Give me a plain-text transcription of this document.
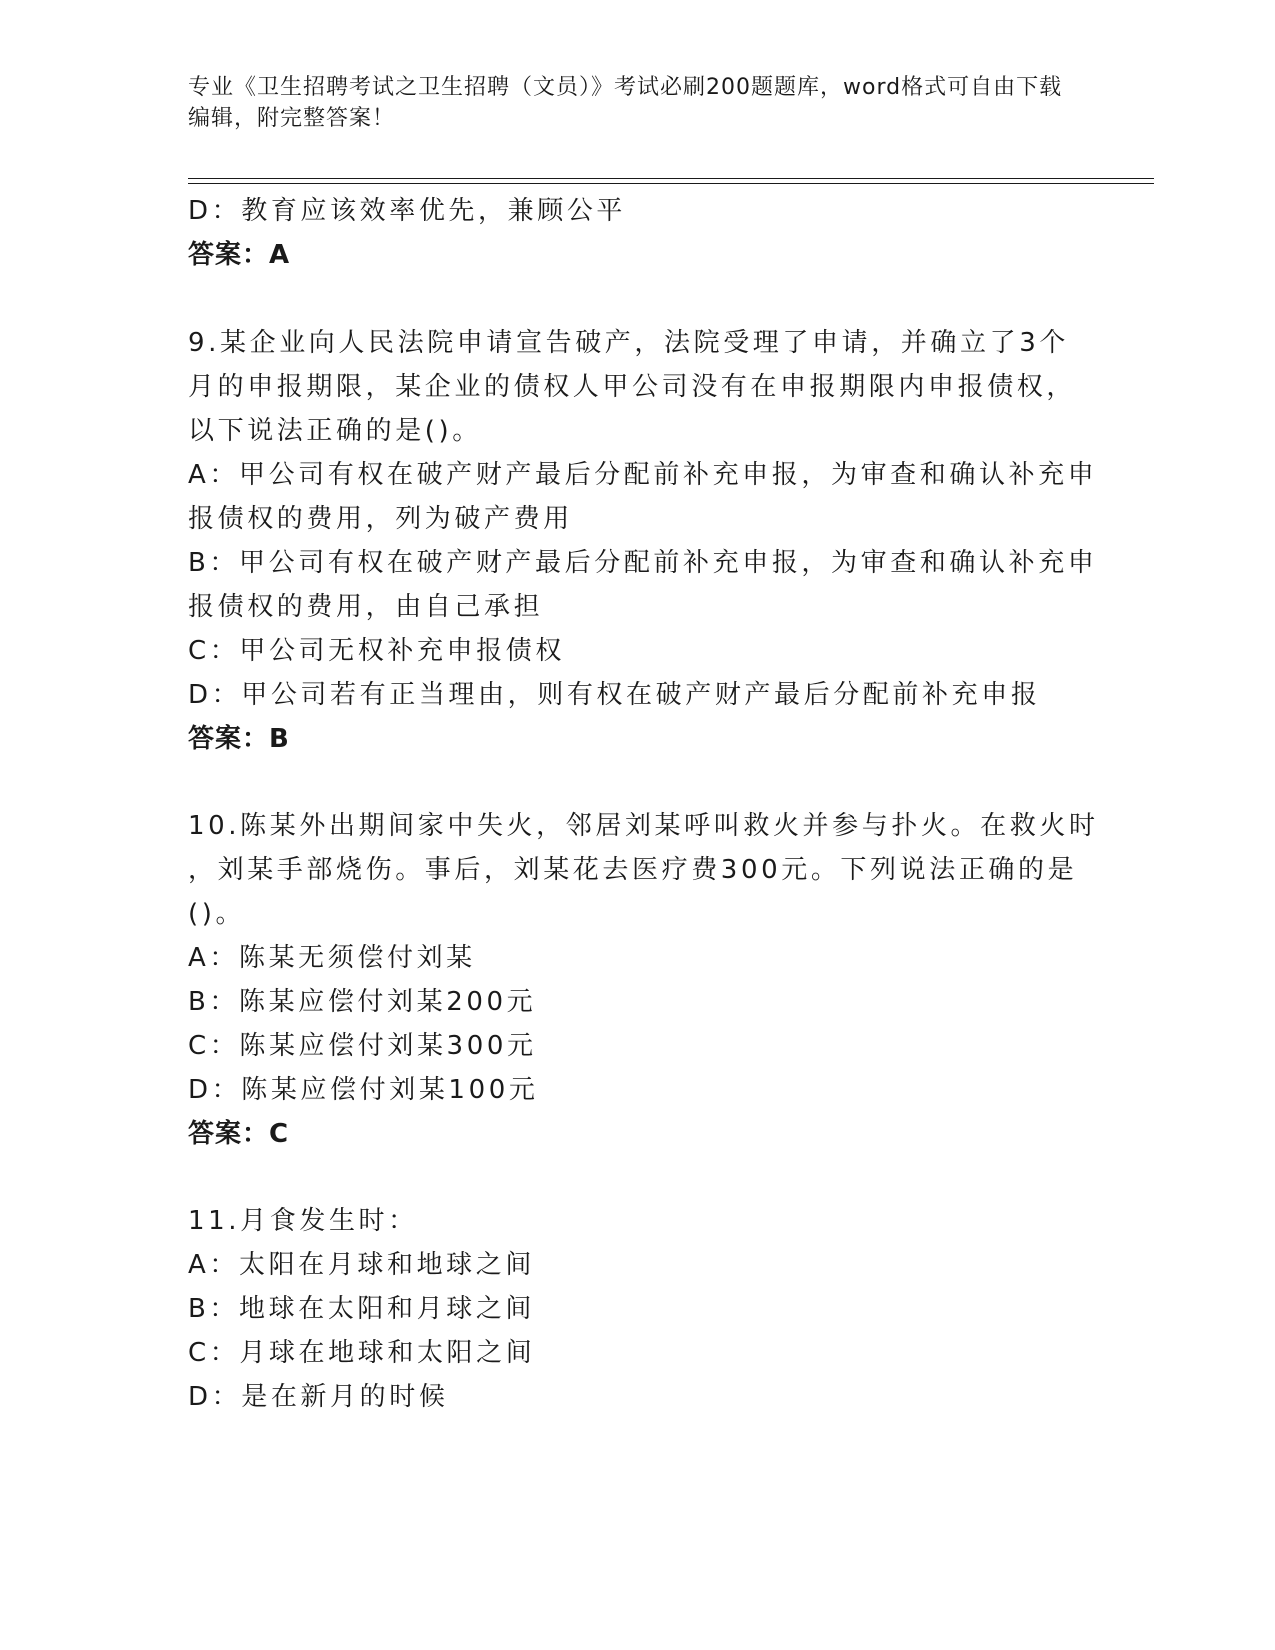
专业《卫生招聘考试之卫生招聘（文员）》考试必刷200题题库，word格式可自由下载编辑，附完整答案！
D：教育应该效率优先，兼顾公平
答案：A
9.某企业向人民法院申请宣告破产，法院受理了申请，并确立了3个
月的申报期限，某企业的债权人甲公司没有在申报期限内申报债权，
以下说法正确的是()。
A：甲公司有权在破产财产最后分配前补充申报，为审查和确认补充申
报债权的费用，列为破产费用
B：甲公司有权在破产财产最后分配前补充申报，为审查和确认补充申
报债权的费用，由自己承担
C：甲公司无权补充申报债权
D：甲公司若有正当理由，则有权在破产财产最后分配前补充申报
答案：B
10.陈某外出期间家中失火，邻居刘某呼叫救火并参与扑火。在救火时
，刘某手部烧伤。事后，刘某花去医疗费300元。下列说法正确的是
()。
A：陈某无须偿付刘某
B：陈某应偿付刘某200元
C：陈某应偿付刘某300元
D：陈某应偿付刘某100元
答案：C
11.月食发生时：
A：太阳在月球和地球之间
B：地球在太阳和月球之间
C：月球在地球和太阳之间
D：是在新月的时候
